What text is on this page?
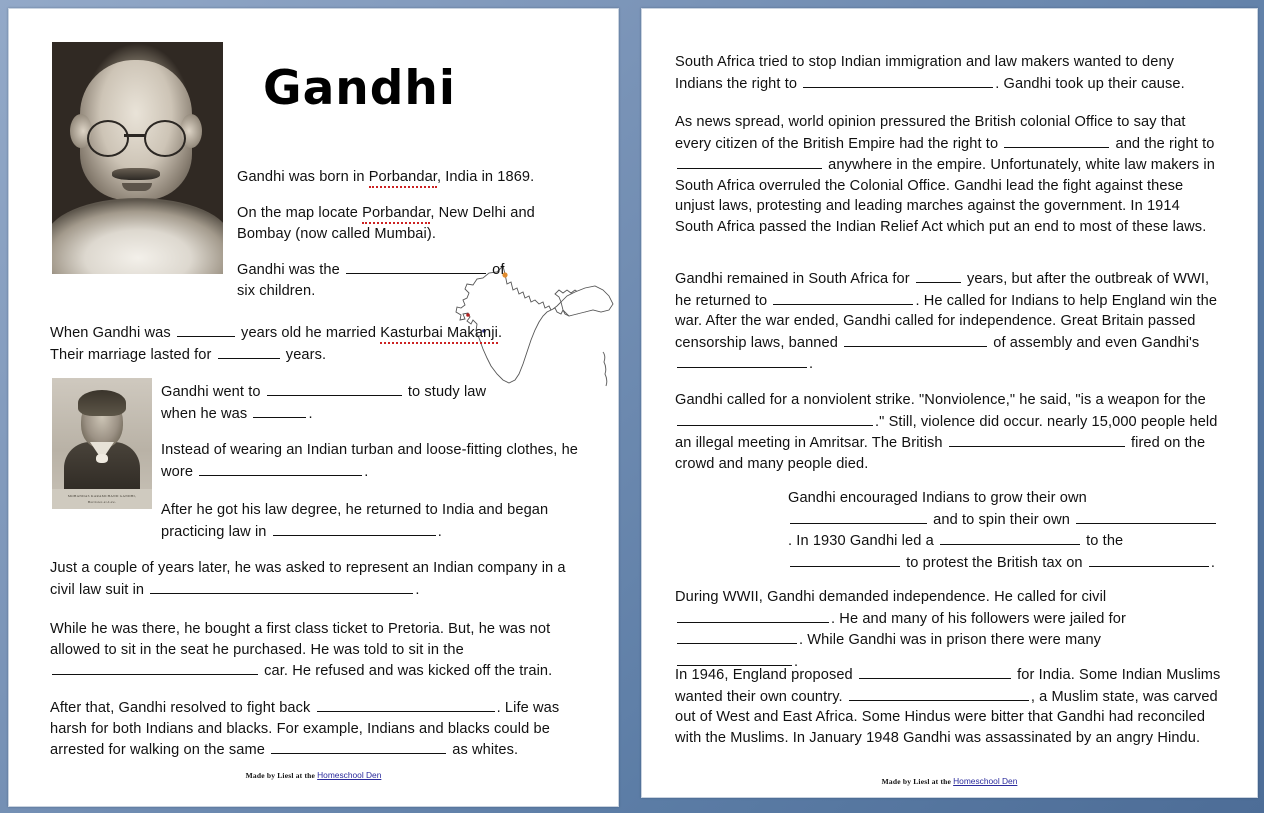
Gandhi
MOHANDAS KARAMCHAND GANDHI,
Barrister-at-Law.
Gandhi was born in Porbandar, India in 1869.
On the map locate Porbandar, New Delhi and Bombay (now called Mumbai).
Gandhi was the	of six children.
When Gandhi was	years old he married Kasturbai Makanji. Their marriage lasted for	years.
Gandhi went to	to study law when he was	.
Instead of wearing an Indian turban and loose-fitting clothes, he wore	.
After he got his law degree, he returned to India and began practicing law in	.
Just a couple of years later, he was asked to represent an Indian company in a civil law suit in	.
While he was there, he bought a first class ticket to Pretoria. But, he was not allowed to sit in the seat he purchased. He was told to sit in the  car. He refused and was kicked off the train.
After that, Gandhi resolved to fight back	. Life was harsh for both Indians and blacks. For example, Indians and blacks could be arrested for walking on the same	as whites.
Made by Liesl at the Homeschool Den
South Africa tried to stop Indian immigration and law makers wanted to deny Indians the right to	. Gandhi took up their cause.
As news spread, world opinion pressured the British colonial Office to say that every citizen of the British Empire had the right to	and the right to  anywhere in the empire. Unfortunately, white law makers in South Africa overruled the Colonial Office. Gandhi lead the fight against these unjust laws, protesting and leading marches against the government. In 1914 South Africa passed the Indian Relief Act which put an end to most of these laws.
Gandhi remained in South Africa for	years, but after the outbreak of WWI, he returned to	. He called for Indians to help England win the war. After the war ended, Gandhi called for independence. Great Britain passed censorship laws, banned	of assembly and even Gandhi's .
Gandhi called for a nonviolent strike. "Nonviolence," he said, "is a weapon for the ." Still, violence did occur. nearly 15,000 people held an illegal meeting in Amritsar. The British	fired on the crowd and many people died.
Gandhi encouraged Indians to grow their own  and to spin their own . In 1930 Gandhi led a	to the  to protest the British tax on	.
During WWII, Gandhi demanded independence. He called for civil . He and many of his followers were jailed for . While Gandhi was in prison there were many .
In 1946, England proposed	for India. Some Indian Muslims wanted their own country.	, a Muslim state, was carved out of West and East Africa. Some Hindus were bitter that Gandhi had reconciled with the Muslims. In January 1948 Gandhi was assassinated by an angry Hindu.
Made by Liesl at the Homeschool Den
